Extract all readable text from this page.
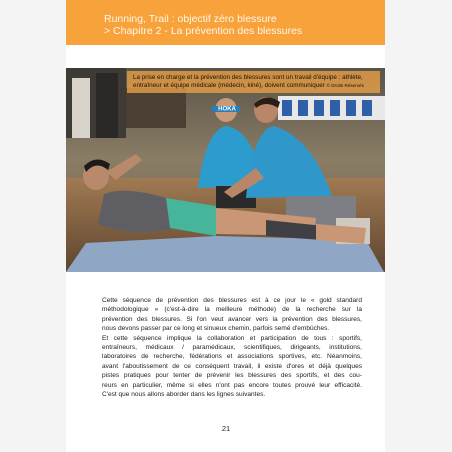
Running, Trail : objectif zéro blessure
> Chapitre 2 - La prévention des blessures
HOKA
La prise en charge et la prévention des blessures sont un travail d'équipe : athlète,
entraîneur et équipe médicale (médecin, kiné), doivent communiquer © Droits Réservés
Cette séquence de prévention des blessures est à ce jour le « gold standard
méthodologique » (c'est-à-dire la meilleure méthode) de la recherche sur la
prévention des blessures. Si l'on veut avancer vers la prévention des blessures,
nous devons passer par ce long et sinueux chemin, parfois semé d'embûches.
Et cette séquence implique la collaboration et participation de tous : sportifs,
entraîneurs, médicaux / paramédicaux, scientifiques, dirigeants, institutions,
laboratoires de recherche, fédérations et associations sportives, etc. Néanmoins,
avant l'aboutissement de ce conséquent travail, il existe d'ores et déjà quelques
pistes pratiques pour tenter de prévenir les blessures des sportifs, et des cou-
reurs en particulier, même si elles n'ont pas encore toutes prouvé leur efficacité.
C'est que nous allons aborder dans les lignes suivantes.
21
